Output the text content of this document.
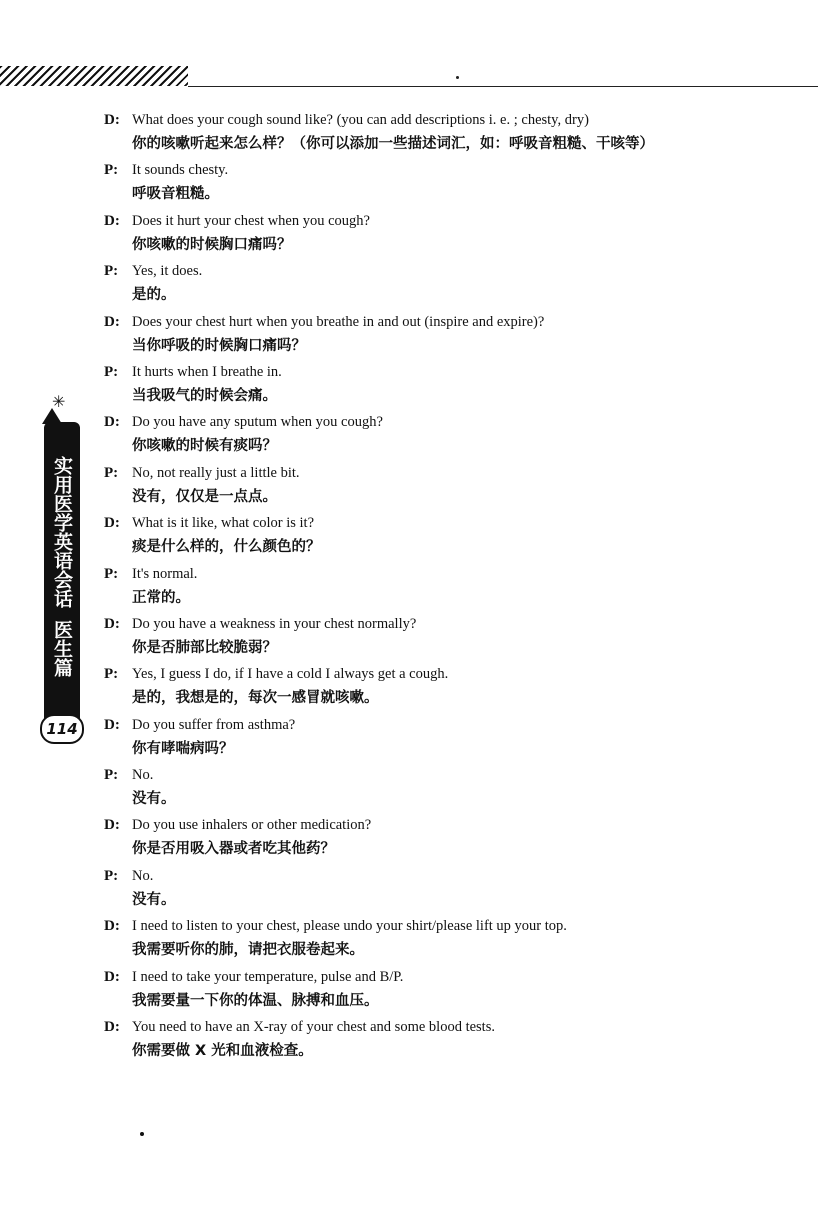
✳
实用医学英语会话
医生篇
114
D: What does your cough sound like? (you can add descriptions i. e. ; chesty, dry)
你的咳嗽听起来怎么样？（你可以添加一些描述词汇，如：呼吸音粗糙、干咳等）
P: It sounds chesty.
呼吸音粗糙。
D: Does it hurt your chest when you cough?
你咳嗽的时候胸口痛吗？
P: Yes, it does.
是的。
D: Does your chest hurt when you breathe in and out (inspire and expire)?
当你呼吸的时候胸口痛吗？
P: It hurts when I breathe in.
当我吸气的时候会痛。
D: Do you have any sputum when you cough?
你咳嗽的时候有痰吗？
P: No, not really just a little bit.
没有，仅仅是一点点。
D: What is it like, what color is it?
痰是什么样的，什么颜色的？
P: It's normal.
正常的。
D: Do you have a weakness in your chest normally?
你是否肺部比较脆弱？
P: Yes, I guess I do, if I have a cold I always get a cough.
是的，我想是的，每次一感冒就咳嗽。
D: Do you suffer from asthma?
你有哮喘病吗？
P: No.
没有。
D: Do you use inhalers or other medication?
你是否用吸入器或者吃其他药？
P: No.
没有。
D: I need to listen to your chest, please undo your shirt/please lift up your top.
我需要听你的肺，请把衣服卷起来。
D: I need to take your temperature, pulse and B/P.
我需要量一下你的体温、脉搏和血压。
D: You need to have an X-ray of your chest and some blood tests.
你需要做 X 光和血液检查。
